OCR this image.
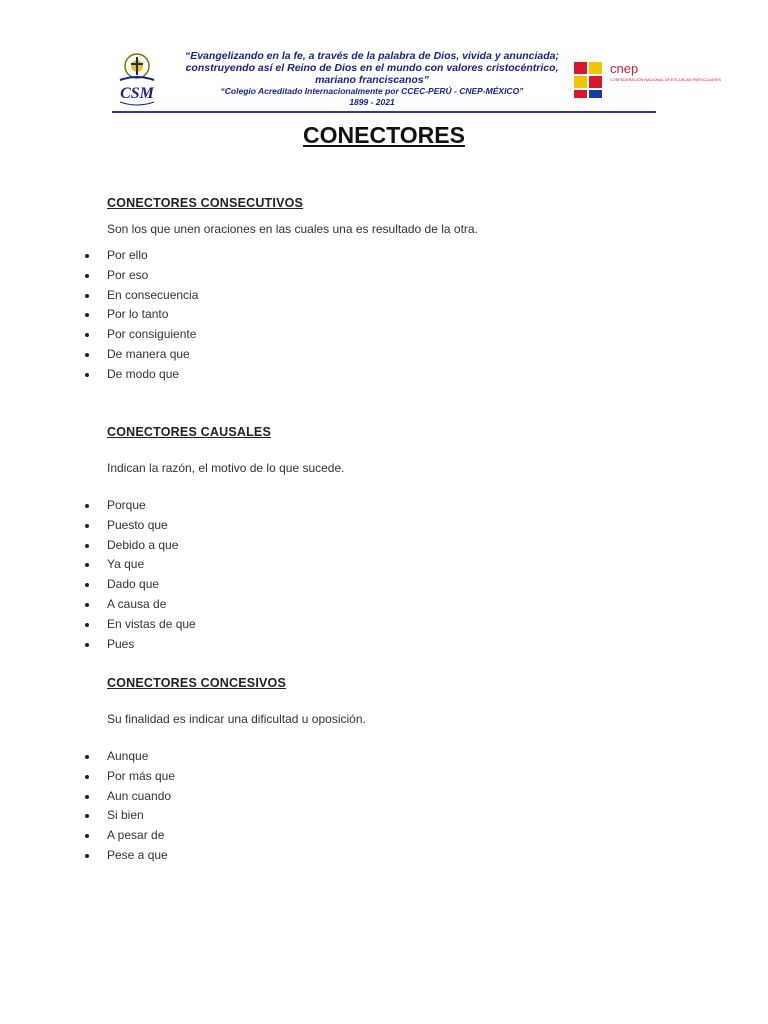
CSM
“Evangelizando en la fe, a través de la palabra de Dios, vivida y anunciada;
construyendo así el Reino de Dios en el mundo con valores cristocéntrico, mariano franciscanos”
“Colegio Acreditado Internacionalmente por CCEC-PERÚ - CNEP-MÉXICO”
1899 - 2021
cnep
CONFEDERACIÓN NACIONAL DE ESCUELAS PARTICULARES
CONECTORES
CONECTORES CONSECUTIVOS

Son los que unen oraciones en las cuales una es resultado de la otra.

Por ello
Por eso
En consecuencia
Por lo tanto
Por consiguiente
De manera que
De modo que
CONECTORES CAUSALES

Indican la razón, el motivo de lo que sucede.

Porque
Puesto que
Debido a que
Ya que
Dado que
A causa de
En vistas de que
Pues
CONECTORES CONCESIVOS

Su finalidad es indicar una dificultad u oposición.

Aunque
Por más que
Aun cuando
Si bien
A pesar de
Pese a que
